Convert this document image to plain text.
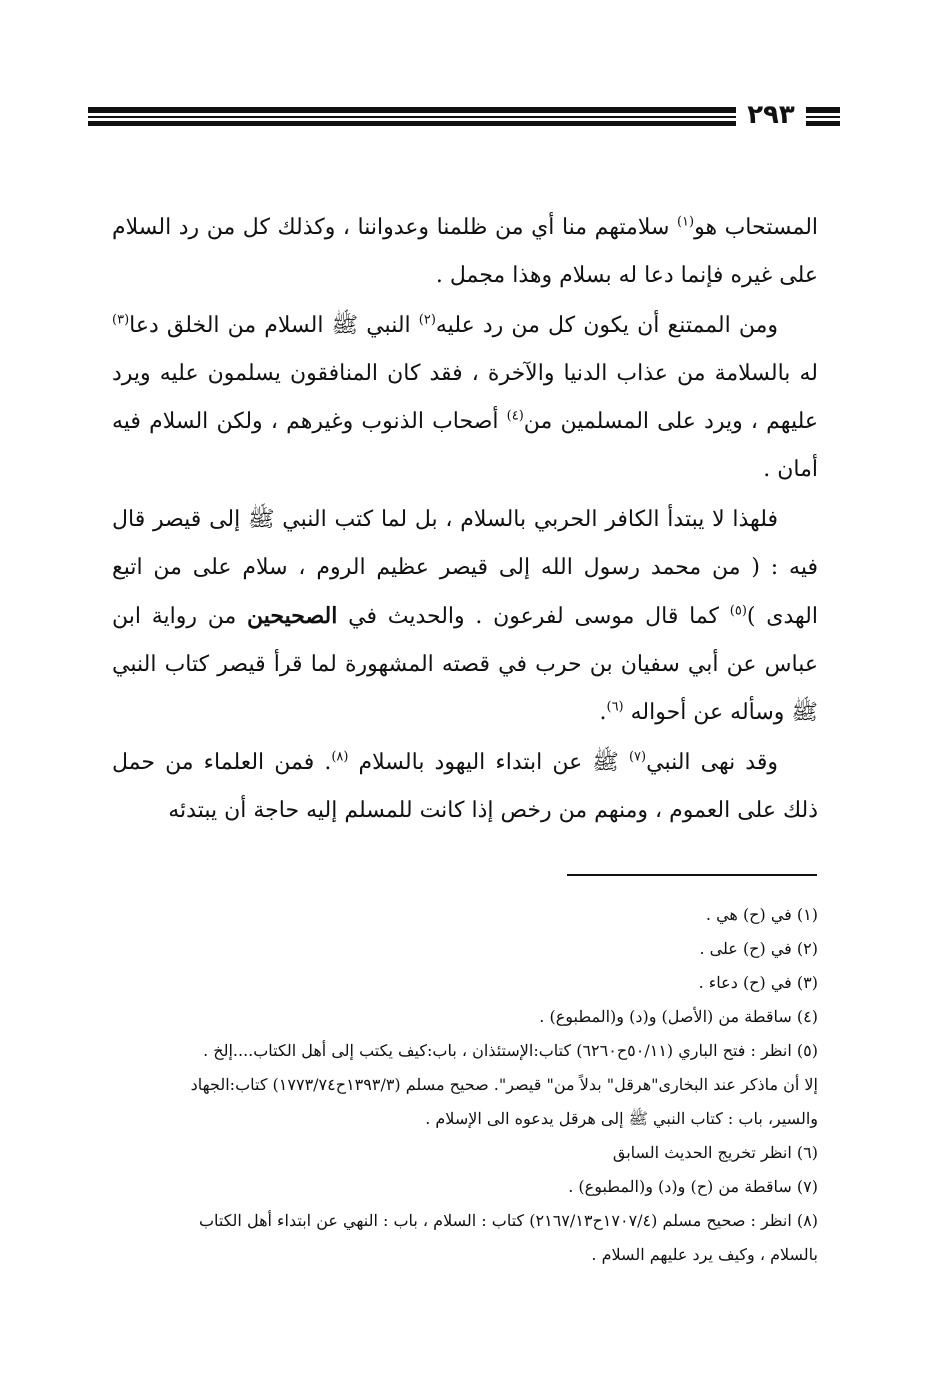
٢٩٣

المستحاب هو$^{(١)}$ سلامتهم منا أي من ظلمنا وعدواننا ، وكذلك كل من رد السلام على غيره فإنما دعا له بسلام وهذا مجمل .

ومن الممتنع أن يكون كل من رد عليه$^{(٢)}$ النبي ﷺ السلام من الخلق دعا$^{(٣)}$ له بالسلامة من عذاب الدنيا والآخرة ، فقد كان المنافقون يسلمون عليه ويرد عليهم ، ويرد على المسلمين من$^{(٤)}$ أصحاب الذنوب وغيرهم ، ولكن السلام فيه أمان .

فلهذا لا يبتدأ الكافر الحربي بالسلام ، بل لما كتب النبي ﷺ إلى قيصر قال فيه : ( من محمد رسول الله إلى قيصر عظيم الروم ، سلام على من اتبع الهدى )$^{(٥)}$ كما قال موسى لفرعون . والحديث في الصحيحين من رواية ابن عباس عن أبي سفيان بن حرب في قصته المشهورة لما قرأ قيصر كتاب النبي ﷺ وسأله عن أحواله $^{(٦)}$.

وقد نهى النبي$^{(٧)}$ ﷺ عن ابتداء اليهود بالسلام $^{(٨)}$. فمن العلماء من حمل ذلك على العموم ، ومنهم من رخص إذا كانت للمسلم إليه حاجة أن يبتدئه

(١) في (ح) هي .

(٢) في (ح) على .

(٣) في (ح) دعاء .

(٤) ساقطة من (الأصل) و(د) و(المطبوع) .

(٥) انظر : فتح الباري (٥٠/١١ح٦٢٦٠) كتاب:الإستئذان ، باب:كيف يكتب إلى أهل الكتاب....إلخ .

إلا أن ماذكر عند البخارى"هرقل" بدلاً من" قيصر". صحيح مسلم (١٣٩٣/٣ح١٧٧٣/٧٤) كتاب:الجهاد

والسير، باب : كتاب النبي ﷺ إلى هرقل يدعوه الى الإسلام .

(٦) انظر تخريج الحديث السابق

(٧) ساقطة من (ح) و(د) و(المطبوع) .

(٨) انظر : صحيح مسلم (١٧٠٧/٤ح٢١٦٧/١٣) كتاب : السلام ، باب : النهي عن ابتداء أهل الكتاب

بالسلام ، وكيف يرد عليهم السلام .
